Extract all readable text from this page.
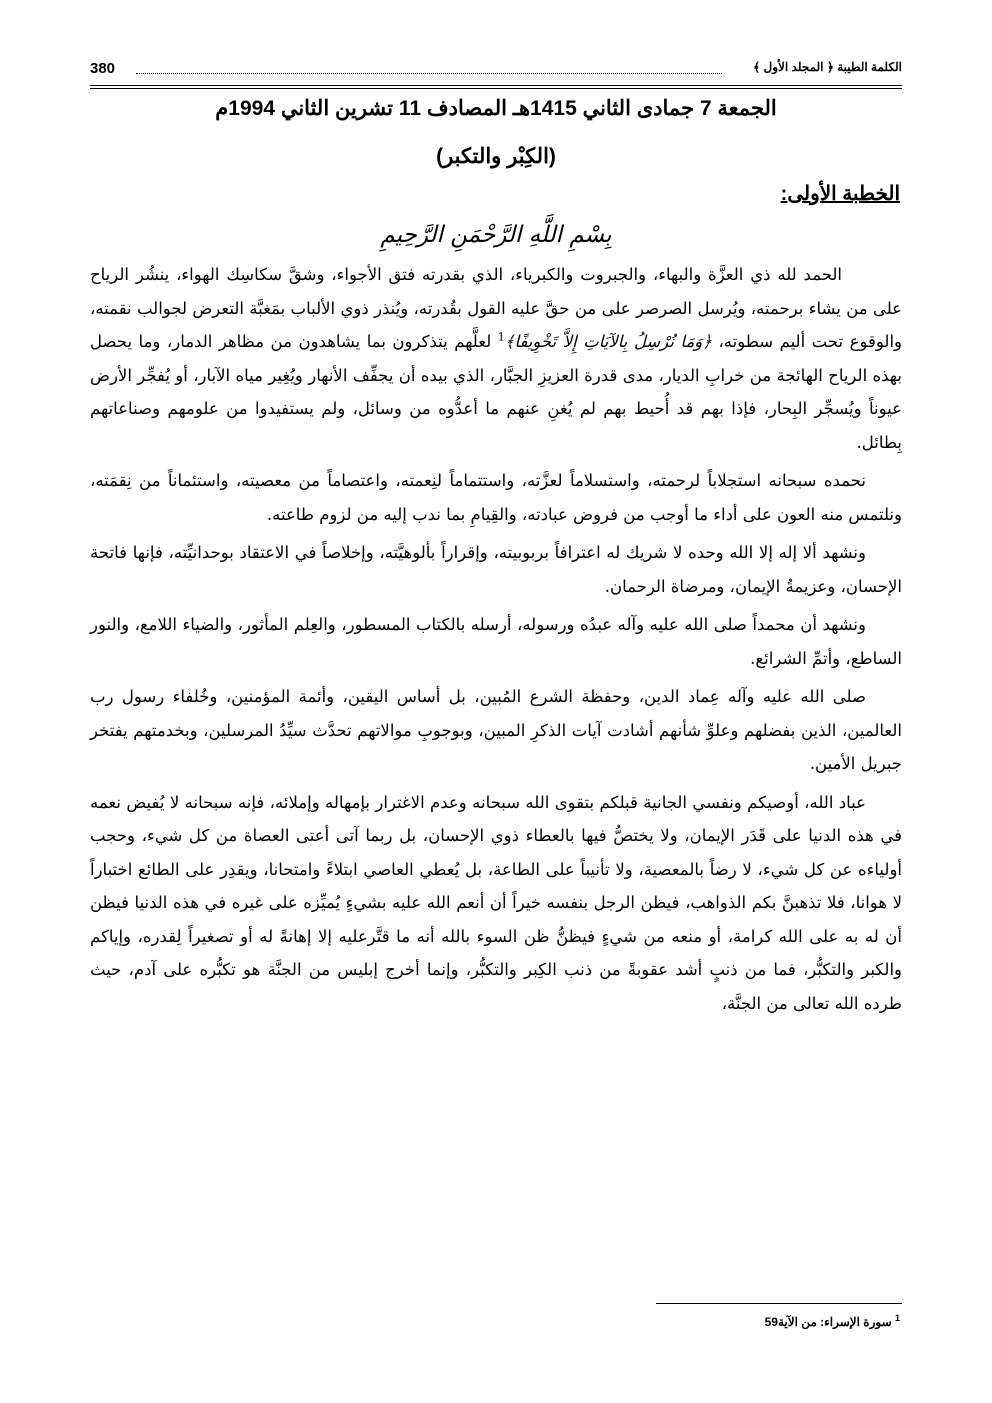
380	الكلمة الطيبة ﴿ المجلد الأول ﴾
الجمعة 7 جمادى الثاني 1415هـ المصادف 11 تشرين الثاني 1994م
(الكِبْر والتكبر)
الخطبة الأولى:
بِسْمِ اللَّهِ الرَّحْمَنِ الرَّحِيمِ

الحمد لله ذي العزَّة والبهاء، والجبروت والكبرياء، الذي بقدرته فتق الأجواء، وشقَّ سكاسِك الهواء، ينشُر الرياح على من يشاء برحمته، ويُرسل الصرصر على من حقَّ عليه القول بقُدرته، ويُنذر ذوي الألباب بمَغبَّة التعرض لجوالب نقمته، والوقوع تحت أليم سطوته، ﴿وَمَا نُرْسِلُ بِالآيَاتِ إِلاَّ تَخْوِيفًا﴾$^1$ لعلَّهم يتذكرون بما يشاهدون من مظاهر الدمار، وما يحصل بهذه الرياح الهائجة من خرابِ الديار، مدى قدرة العزيزِ الجبَّار، الذي بيده أن يجفِّف الأنهار ويُغِير مياه الآبار، أو يُفجِّر الأرض عيوناً ويُسجِّر البِحار، فإذا بهم قد أُحيط بهم لم يُغنِ عنهم ما أعدُّوه من وسائل، ولم يستفيدوا من علومهم وصناعاتهم بِطائل.

نحمده سبحانه استجلاباً لرحمته، واستسلاماً لعزَّته، واستتماماً لنِعمته، واعتصاماً من معصيته، واستئماناً من نِقمَته، ونلتمس منه العون على أداء ما أوجب من فروض عبادته، والقِيامِ بما ندب إليه من لزوم طاعته.

ونشهد ألا إله إلا الله وحده لا شريك له اعترافاً بربوبيته، وإقراراً بألوهيَّته، وإخلاصاً في الاعتقاد بوحدانيِّته، فإنها فاتحة الإحسان، وعزيمةُ الإيمان، ومرضاة الرحمان.

ونشهد أن محمداً صلى الله عليه وآله عبدُه ورسوله، أرسله بالكتاب المسطور، والعِلم المأثور، والضياء اللامع، والنور الساطع، وأتمِّ الشرائع.

صلى الله عليه وآله عِماد الدين، وحفظة الشرع المُبين، بل أساس اليقين، وأئمة المؤمنين، وخُلفاء رسول رب العالمين، الذين بفضلهم وعلوِّ شأنهم أشادت آيات الذكرِ المبين، وبوجوبِ موالاتهم تحدَّث سيِّدُ المرسلين، وبخدمتهم يفتخر جبريل الأمين.

عباد الله، أوصيكم ونفسي الجانية قبلكم بتقوى الله سبحانه وعدم الاغترار بإمهاله وإملائه، فإنه سبحانه لا يُفيض نعمه في هذه الدنيا على قَدَر الإيمان، ولا يختصُّ فيها بالعطاء ذوي الإحسان، بل ربما آتى أعتى العصاة من كل شيء، وحجب أولياءه عن كل شيء، لا رضاً بالمعصية، ولا تأنيباً على الطاعة، بل يُعطي العاصي ابتلاءً وامتحانا، ويقدِر على الطائع اختباراً لا هوانا، فلا تذهبنَّ بكم الذواهب، فيظن الرجل بنفسه خيراً أن أنعم الله عليه بشيءٍ يُميِّزه على غيره في هذه الدنيا فيظن أن له به على الله كرامة، أو منعه من شيءٍ فيظنُّ ظن السوء بالله أنه ما قتَّرعليه إلا إهانةً له أو تصغيراً لِقدره، وإياكم والكبر والتكبُّر، فما من ذنبٍ أشد عقوبةً من ذنب الكِبر والتكبُّر، وإنما أخرج إبليس من الجنَّة هو تكبُّره على آدم، حيث طرده الله تعالى من الجنَّة،

$^1$ سورة الإسراء: من الآية59
